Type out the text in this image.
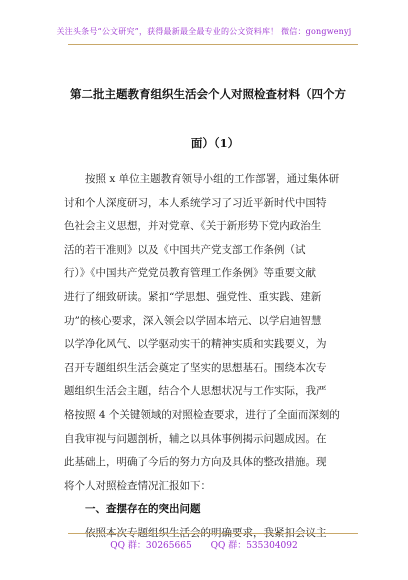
关注头条号“公文研究”，获得最新最全最专业的公文资料库！ 微信：gongwenyj
第二批主题教育组织生活会个人对照检查材料（四个方
面）（1）
按照 x 单位主题教育领导小组的工作部署，通过集体研
讨和个人深度研习，本人系统学习了习近平新时代中国特
色社会主义思想，并对党章、《关于新形势下党内政治生
活的若干准则》以及《中国共产党支部工作条例（试
行）》《中国共产党党员教育管理工作条例》等重要文献
进行了细致研读。紧扣“学思想、强党性、重实践、建新
功”的核心要求，深入领会以学固本培元、以学启迪智慧
以学净化风气、以学驱动实干的精神实质和实践要义，为
召开专题组织生活会奠定了坚实的思想基石。围绕本次专
题组织生活会主题，结合个人思想状况与工作实际，我严
格按照 4 个关键领域的对照检查要求，进行了全面而深刻的
自我审视与问题剖析，辅之以具体事例揭示问题成因。在
此基础上，明确了今后的努力方向及具体的整改措施。现
将个人对照检查情况汇报如下：
一、查摆存在的突出问题
依照本次专题组织生活会的明确要求，我紧扣会议主
QQ 群：30265665 QQ 群：535304092
